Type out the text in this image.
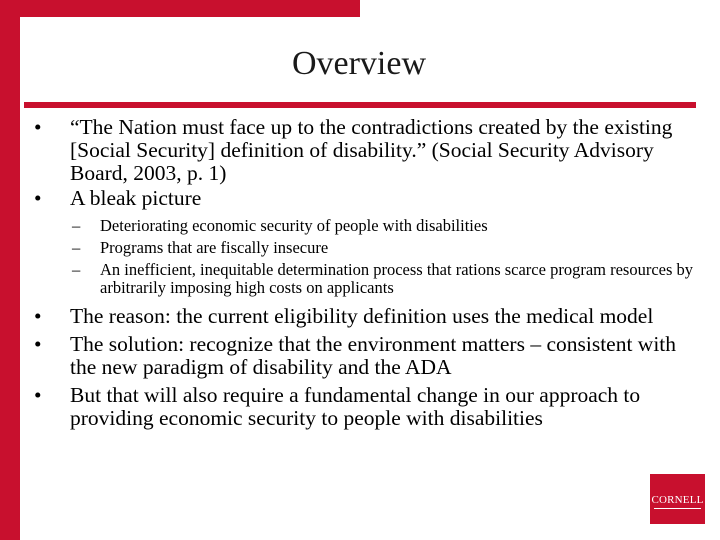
Overview
•	“The Nation must face up to the contradictions created by the existing [Social Security] definition of disability.” (Social Security Advisory Board, 2003, p. 1)
•	A bleak picture
– Deteriorating economic security of people with disabilities
– Programs that are fiscally insecure
– An inefficient, inequitable determination process that rations scarce program resources by arbitrarily imposing high costs on applicants
•	The reason: the current eligibility definition uses the medical model
•	The solution: recognize that the environment matters – consistent with the new paradigm of disability and the ADA
•	But that will also require a fundamental change in our approach to providing economic security to people with disabilities
CORNELL
